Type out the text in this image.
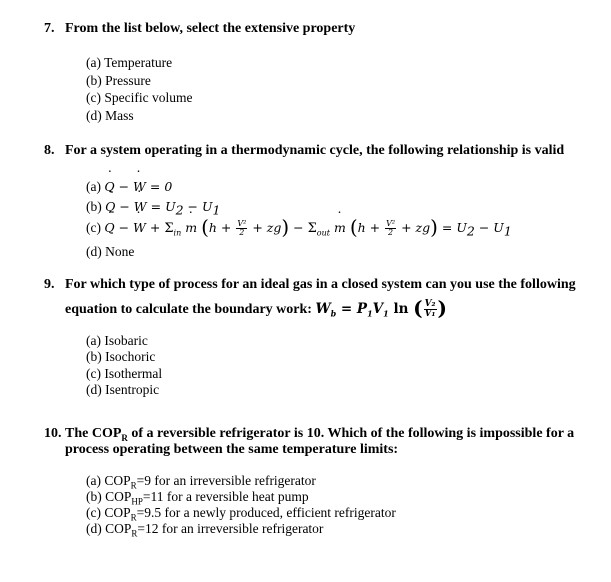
7. From the list below, select the extensive property
(a) Temperature
(b) Pressure
(c) Specific volume
(d) Mass
8. For a system operating in a thermodynamic cycle, the following relationship is valid
(a) ˙ Q − ˙ W = 0
(b) ˙ Q − ˙ $W = U_2 - U_1$
(c) ˙ Q − ˙ $W + \Sigma_{in}$ ˙ m $(h + \frac{\text{V²}}{2} + zg) - \Sigma_{out}$ ˙ m $(h + \frac{\text{V²}}{2} + zg) = U_2 - U_1$
(d) None
9. For which type of process for an ideal gas in a closed system can you use the following
equation to calculate the boundary work: $W_b = P_1V_1$ ln ( $\frac{\text{V₂}}{\text{V₁}}$ )
(a) Isobaric
(b) Isochoric
(c) Isothermal
(d) Isentropic
10. The $COP_R$ of a reversible refrigerator is 10. Which of the following is impossible for a
process operating between the same temperature limits:
(a) $COP_R=9$ for an irreversible refrigerator
(b) $COP_{HP}=11$ for a reversible heat pump
(c) $COP_R=9.5$ for a newly produced, efficient refrigerator
(d) $COP_R=12$ for an irreversible refrigerator
